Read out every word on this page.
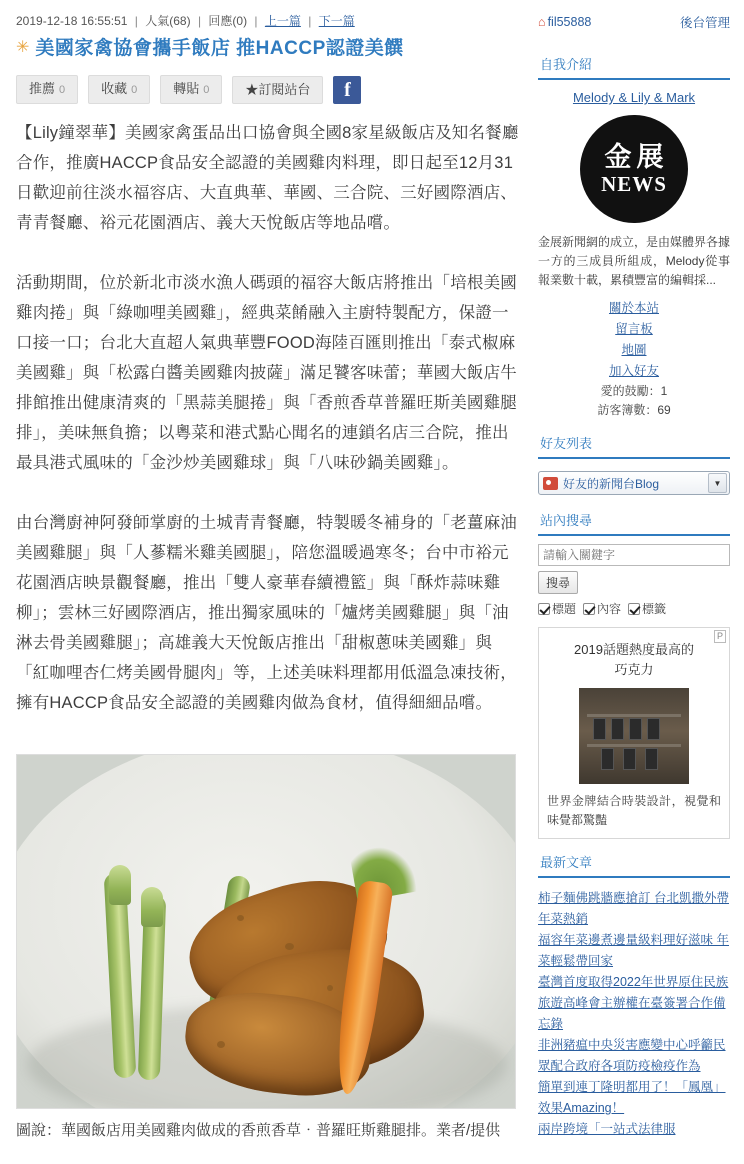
2019-12-18 16:55:51 | 人氣(68) | 回應(0) | 上一篇 | 下一篇
✳ 美國家禽協會攜手飯店 推HACCP認證美饌
推薦 0	收藏 0	轉貼 0	★訂閱站台	f

【Lily鐘翠華】美國家禽蛋品出口協會與全國8家星級飯店及知名餐廳合作，推廣HACCP食品安全認證的美國雞肉料理，即日起至12月31日歡迎前往淡水福容店、大直典華、華國、三合院、三好國際酒店、青青餐廳、裕元花園酒店、義大天悅飯店等地品嚐。

活動期間，位於新北市淡水漁人碼頭的福容大飯店將推出「培根美國雞肉捲」與「綠咖哩美國雞」，經典菜餚融入主廚特製配方，保證一口接一口；台北大直超人氣典華豐FOOD海陸百匯則推出「泰式椒麻美國雞」與「松露白醬美國雞肉披薩」滿足饕客味蕾；華國大飯店牛排館推出健康清爽的「黑蒜美腿捲」與「香煎香草普羅旺斯美國雞腿排」，美味無負擔；以粵菜和港式點心聞名的連鎖名店三合院，推出最具港式風味的「金沙炒美國雞球」與「八味砂鍋美國雞」。

由台灣廚神阿發師掌廚的土城青青餐廳，特製暖冬補身的「老薑麻油美國雞腿」與「人蔘糯米雞美國腿」，陪您溫暖過寒冬；台中市裕元花園酒店映景觀餐廳，推出「雙人豪華春續禮籃」與「酥炸蒜味雞柳」；雲林三好國際酒店，推出獨家風味的「爐烤美國雞腿」與「油淋去骨美國雞腿」；高雄義大天悅飯店推出「甜椒蔥味美國雞」與「紅咖哩杏仁烤美國骨腿肉」等，上述美味料理都用低溫急凍技術，擁有HACCP食品安全認證的美國雞肉做為食材，值得細細品嚐。

圖說：華國飯店用美國雞肉做成的香煎香草‧普羅旺斯雞腿排。業者/提供
⌂ fil55888	後台管理
自我介紹
Melody & Lily & Mark
金展
NEWS
金展新聞網的成立，是由媒體界各據一方的三成員所組成，Melody從事報業數十載，累積豐富的編輯採...
關於本站
留言板
地圖
加入好友
愛的鼓勵：1
訪客簿數：69
好友列表
好友的新聞台Blog	▼
站內搜尋
請輸入關鍵字
搜尋
標題 內容 標籤
P
2019話題熱度最高的
巧克力
世界金牌結合時裝設計，視覺和味覺都驚豔
最新文章
柿子麵佛跳牆應搶訂 台北凱撒外帶年菜熱銷
福容年菜邊煮邊量級料理好滋味 年菜輕鬆帶回家
臺灣首度取得2022年世界原住民族旅遊高峰會主辦權在臺簽署合作備忘錄
非洲豬瘟中央災害應變中心呼籲民眾配合政府各項防疫檢疫作為
簡單到連丁隆明都用了！「鳳凰」效果Amazing！
兩岸跨境「一站式法律服
